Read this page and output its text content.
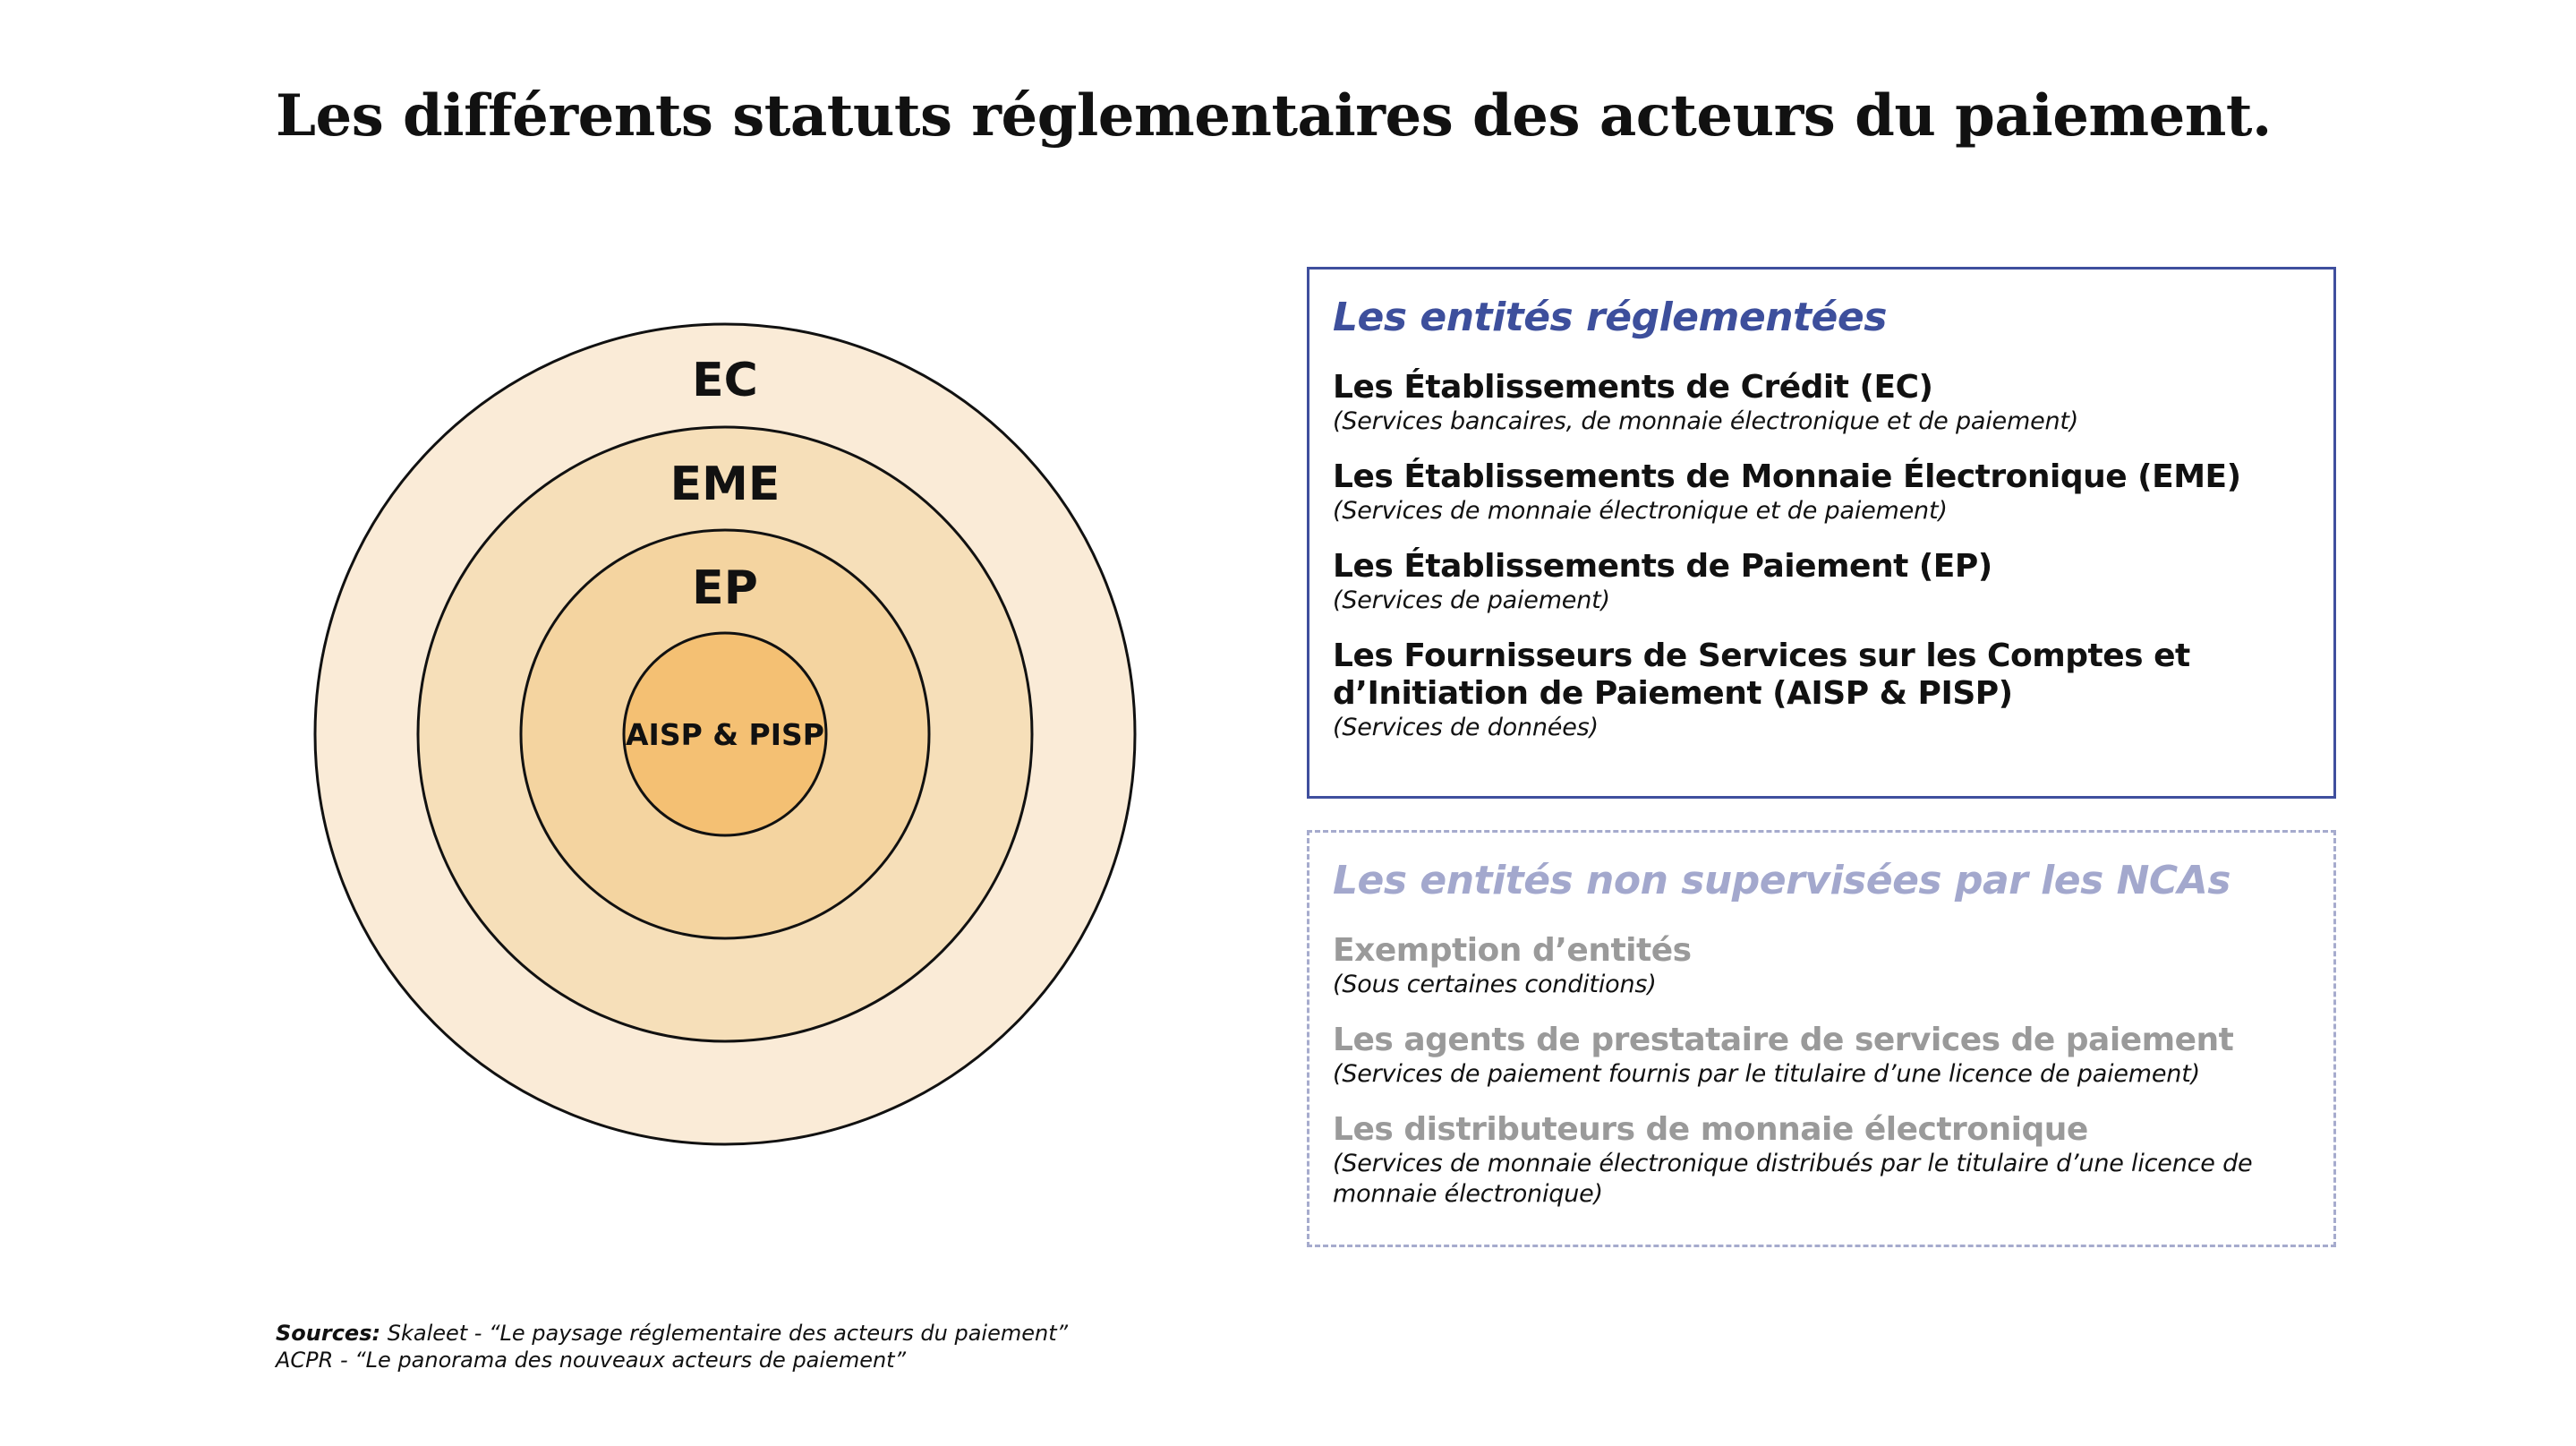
Les différents statuts réglementaires des acteurs du paiement.
EC
EME
EP
AISP & PISP
Les entités réglementées
Les Établissements de Crédit (EC)
(Services bancaires, de monnaie électronique et de paiement)
Les Établissements de Monnaie Électronique (EME)
(Services de monnaie électronique et de paiement)
Les Établissements de Paiement (EP)
(Services de paiement)
Les Fournisseurs de Services sur les Comptes et
d’Initiation de Paiement (AISP & PISP)
(Services de données)
Les entités non supervisées par les NCAs
Exemption d’entités
(Sous certaines conditions)
Les agents de prestataire de services de paiement
(Services de paiement fournis par le titulaire d’une licence de paiement)
Les distributeurs de monnaie électronique
(Services de monnaie électronique distribués par le titulaire d’une licence de
monnaie électronique)
Sources: Skaleet - “Le paysage réglementaire des acteurs du paiement”
ACPR - “Le panorama des nouveaux acteurs de paiement”
